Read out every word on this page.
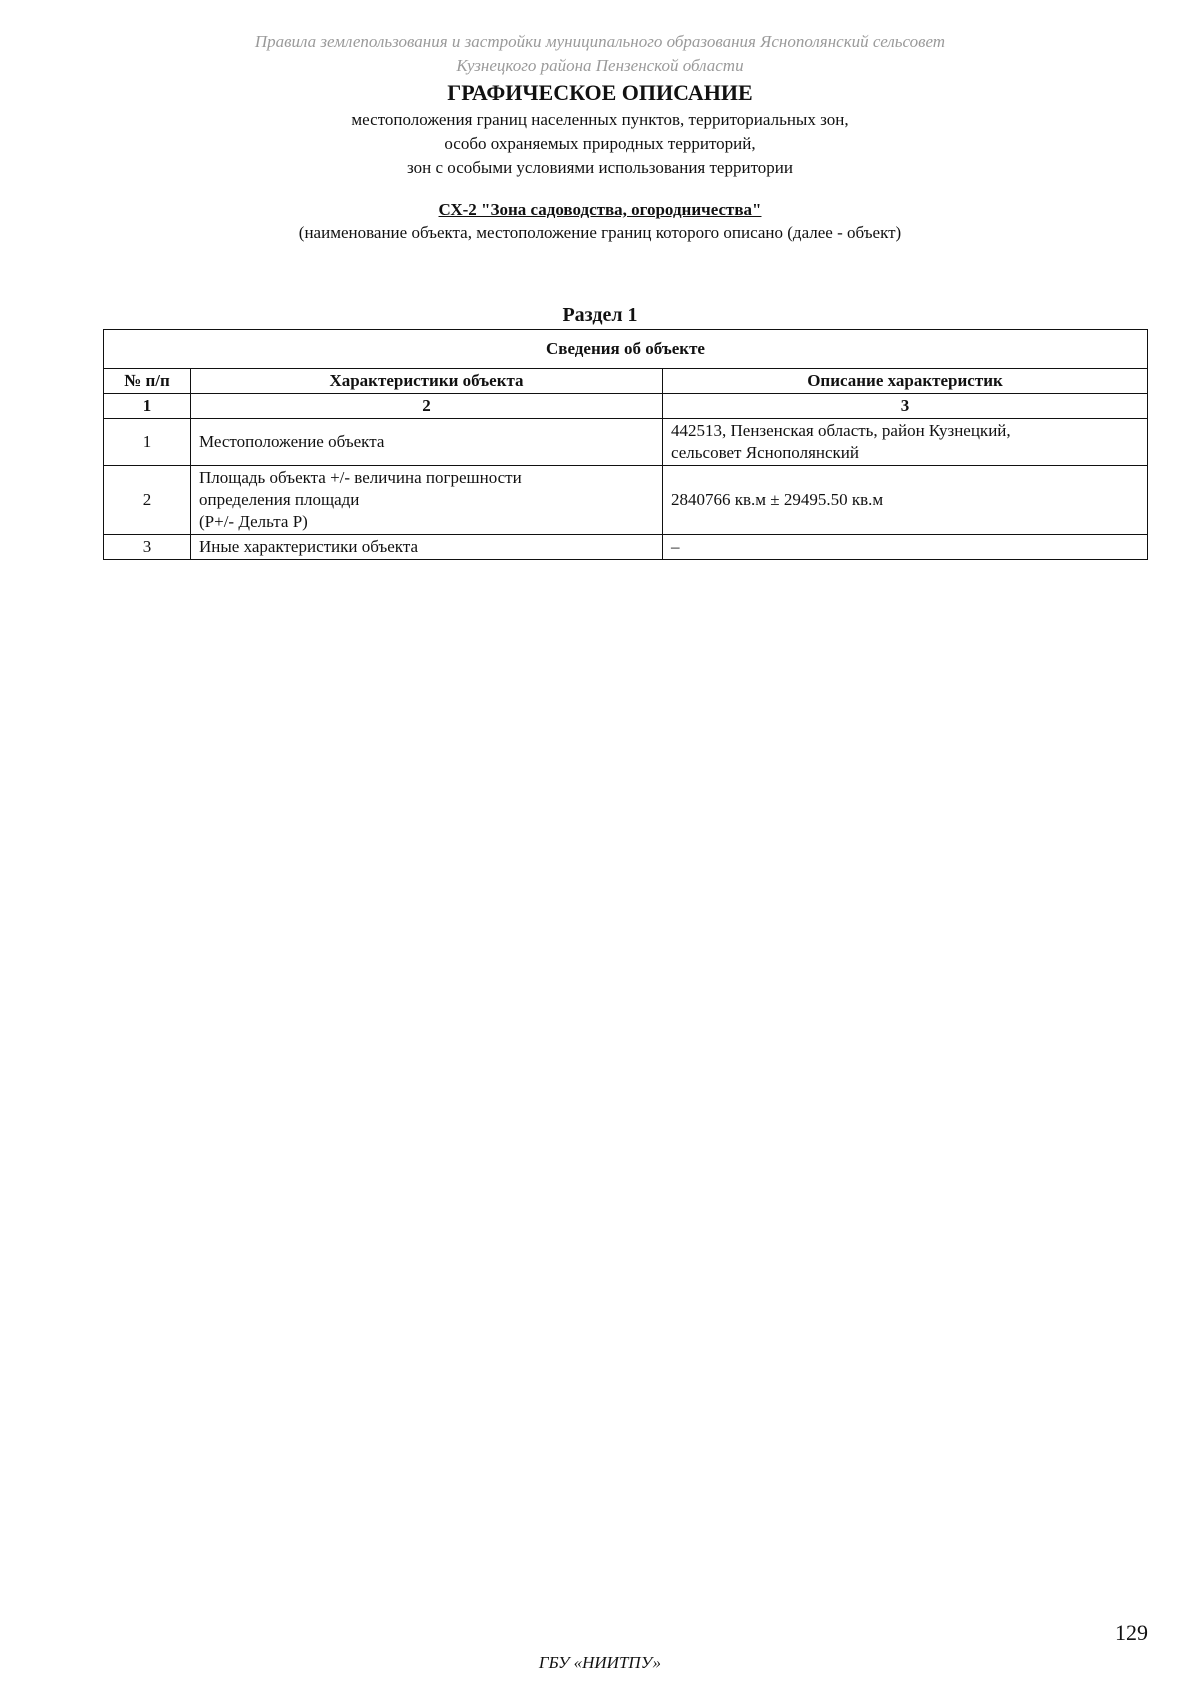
Правила землепользования и застройки муниципального образования Яснополянский сельсовет
Кузнецкого района Пензенской области
ГРАФИЧЕСКОЕ ОПИСАНИЕ
местоположения границ населенных пунктов, территориальных зон,
особо охраняемых природных территорий,
зон с особыми условиями использования территории
СХ-2 "Зона садоводства, огородничества"
(наименование объекта, местоположение границ которого описано (далее - объект)
Раздел 1
Сведения об объекте		
№ п/п	Характеристики объекта	Описание характеристик
1	2	3
1	Местоположение объекта	442513, Пензенская область, район Кузнецкий,
сельсовет Яснополянский

2	Площадь объекта +/- величина погрешности
определения площади
(Р+/- Дельта Р)	2840766 кв.м ± 29495.50 кв.м

3	Иные характеристики объекта	–
129
ГБУ «НИИТПУ»
